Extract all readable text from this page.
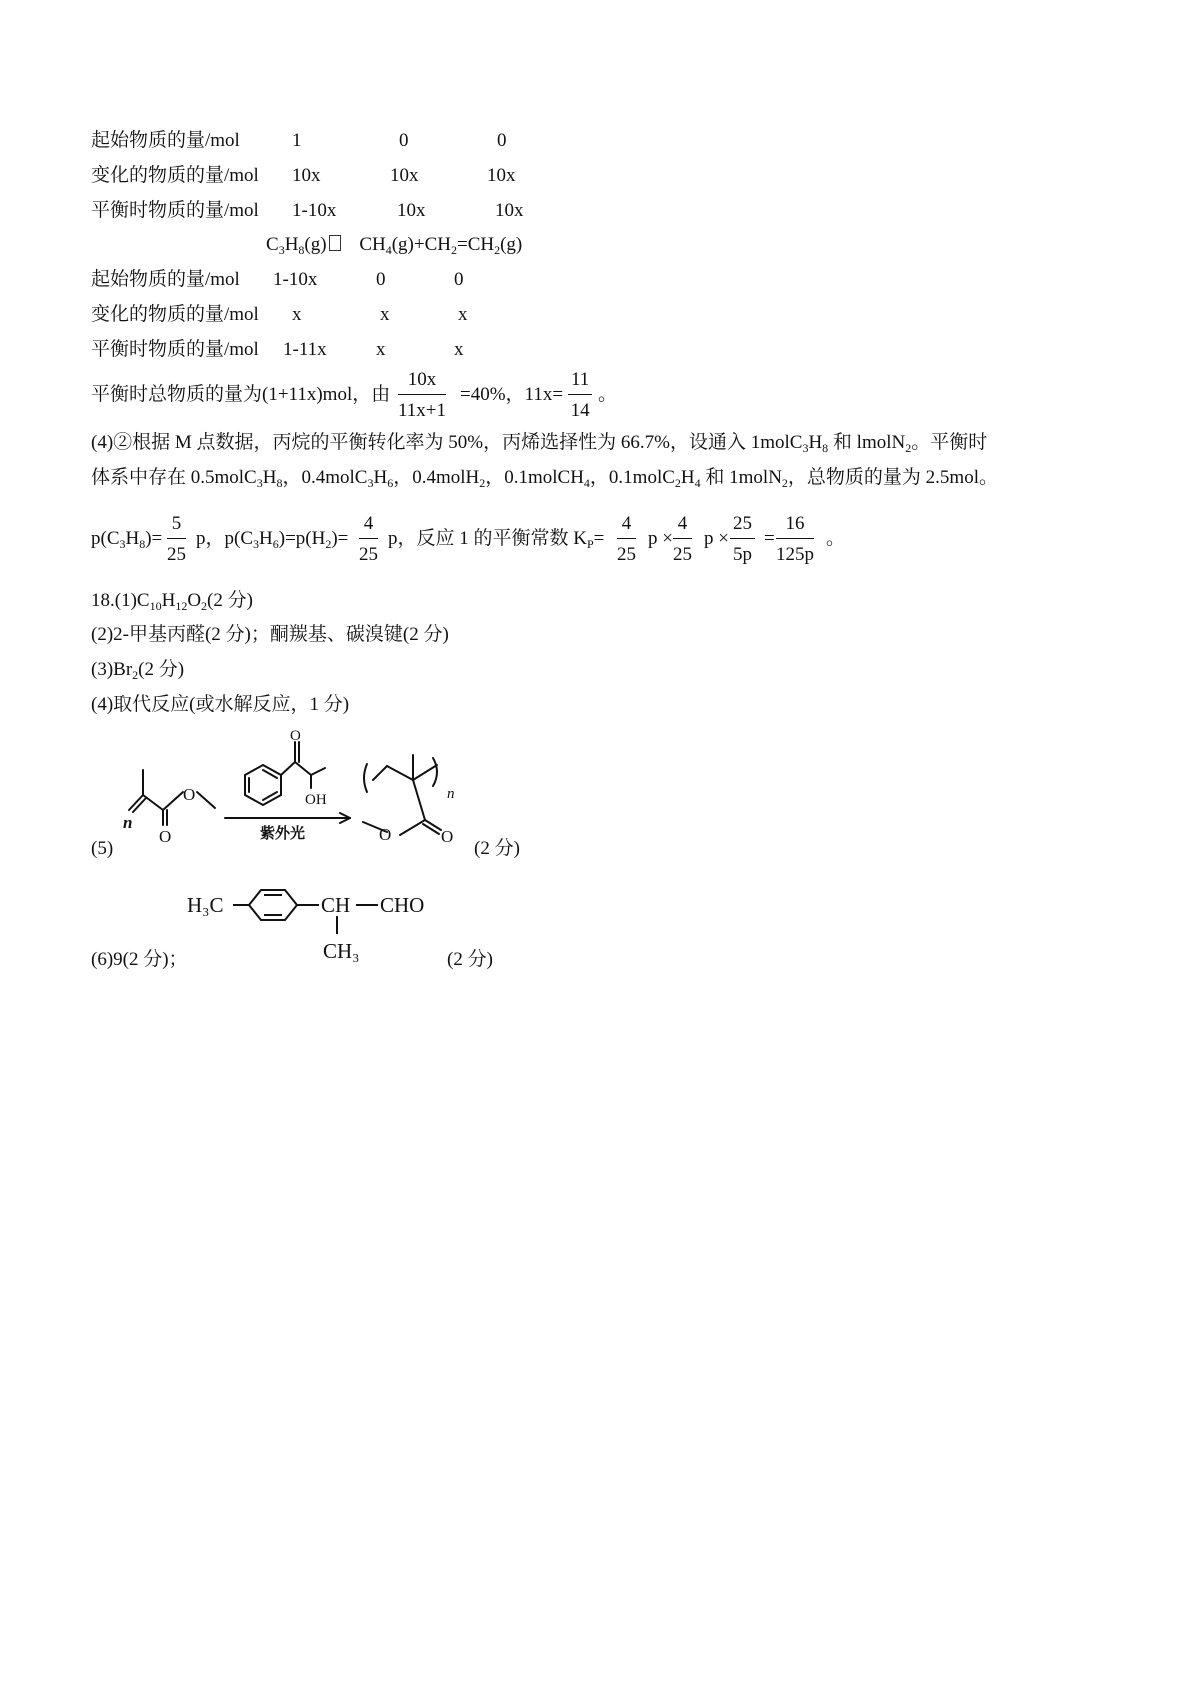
起始物质的量/mol	1	0	0
变化的物质的量/mol 10x	10x	10x
平衡时物质的量/mol 1-10x	10x	10x
$C_3H_8(g)$ $CH_4(g)+CH_2=CH_2(g)$
起始物质的量/mol 1-10x	0	0
变化的物质的量/mol x	x	x
平衡时物质的量/mol 1-11x	x	x
平衡时总物质的量为(1+11x)mol，由 $\frac{10x}{11x+1} =40\%$，$11x= \frac{11}{14}$ 。
(4)②根据 M 点数据，丙烷的平衡转化率为 50%，丙烯选择性为 66.7%，设通入 $1molC_3H_8$ 和 lmolN$_2$。平衡时
体系中存在 $0.5molC_3H_8$，$0.4molC_3H_6$，0.4molH$_2$，0.1molCH$_4$，$0.1molC_2H_4$ 和 1molN$_2$，总物质的量为 2.5mol。
$p(C_3H_8)= \frac{5}{25}$ p，$p(C_3H_6)=p(H_2)= \frac{4}{25}$ p，反应 1 的平衡常数 $K_P= \frac{4}{25}$ $p \times \frac{4}{25}$ $p \times \frac{25}{5p} = \frac{16}{125p}$ 。
$18.(1)C_{10}H_{12}O_2(2$ 分)
(2)2-甲基丙醛(2 分)；酮羰基、碳溴键(2 分)
$(3)Br_2(2$ 分)
(4)取代反应(或水解反应，1 分)
(5)	(2 分)
n
O
O
O
OH
紫外光
n
O	O
(6)9(2 分)；	(2 分)
H₃C	CH CHO
CH₃
